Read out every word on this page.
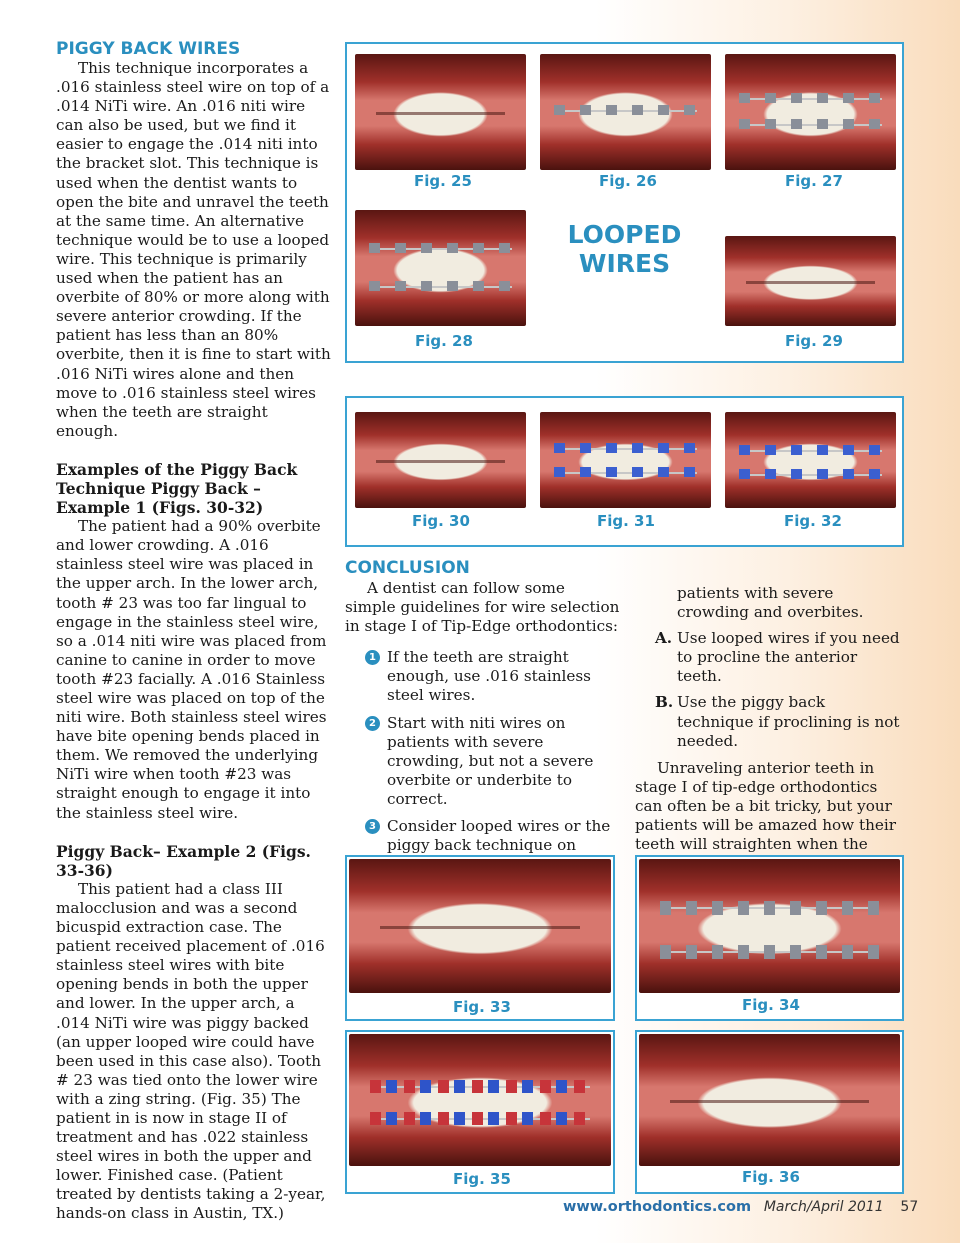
PIGGY BACK WIRES

This technique incorporates a .016 stainless steel wire on top of a .014 NiTi wire. An .016 niti wire can also be used, but we find it easier to engage the .014 niti into the bracket slot. This technique is used when the dentist wants to open the bite and unravel the teeth at the same time. An alternative technique would be to use a looped wire. This technique is primarily used when the patient has an overbite of 80% or more along with severe anterior crowding. If the patient has less than an 80% overbite, then it is fine to start with .016 NiTi wires alone and then move to .016 stainless steel wires when the teeth are straight enough.

Examples of the Piggy Back Technique Piggy Back – Example 1 (Figs. 30-32)

The patient had a 90% overbite and lower crowding. A .016 stainless steel wire was placed in the upper arch. In the lower arch, tooth # 23 was too far lingual to engage in the stainless steel wire, so a .014 niti wire was placed from canine to canine in order to move tooth #23 facially. A .016 Stainless steel wire was placed on top of the niti wire. Both stainless steel wires have bite opening bends placed in them. We removed the underlying NiTi wire when tooth #23 was straight enough to engage it into the stainless steel wire.

Piggy Back– Example 2 (Figs. 33-36)

This patient had a class III malocclusion and was a second bicuspid extraction case. The patient received placement of .016 stainless steel wires with bite opening bends in both the upper and lower. In the upper arch, a .014 NiTi wire was piggy backed (an upper looped wire could have been used in this case also). Tooth # 23 was tied onto the lower wire with a zing string. (Fig. 35) The patient in is now in stage II of treatment and has .022 stainless steel wires in both the upper and lower. Finished case. (Patient treated by dentists taking a 2-year, hands-on class in Austin, TX.)

Fig. 25	Fig. 26	Fig. 27
LOOPED
WIRES
Fig. 28	Fig. 29
Fig. 30	Fig. 31	Fig. 32
CONCLUSION

A dentist can follow some simple guidelines for wire selection in stage I of Tip-Edge orthodontics:

1 If the teeth are straight enough, use .016 stainless steel wires.
2 Start with niti wires on patients with severe crowding, but not a severe overbite or underbite to correct.
3 Consider looped wires or the piggy back technique on
patients with severe crowding and overbites.
A. Use looped wires if you need to procline the anterior teeth.
B. Use the piggy back technique if proclining is not needed.

Unraveling anterior teeth in stage I of tip-edge orthodontics can often be a bit tricky, but your patients will be amazed how their teeth will straighten when the

Fig. 33	Fig. 34
Fig. 35	Fig. 36
www.orthodontics.com March/April 2011 57
